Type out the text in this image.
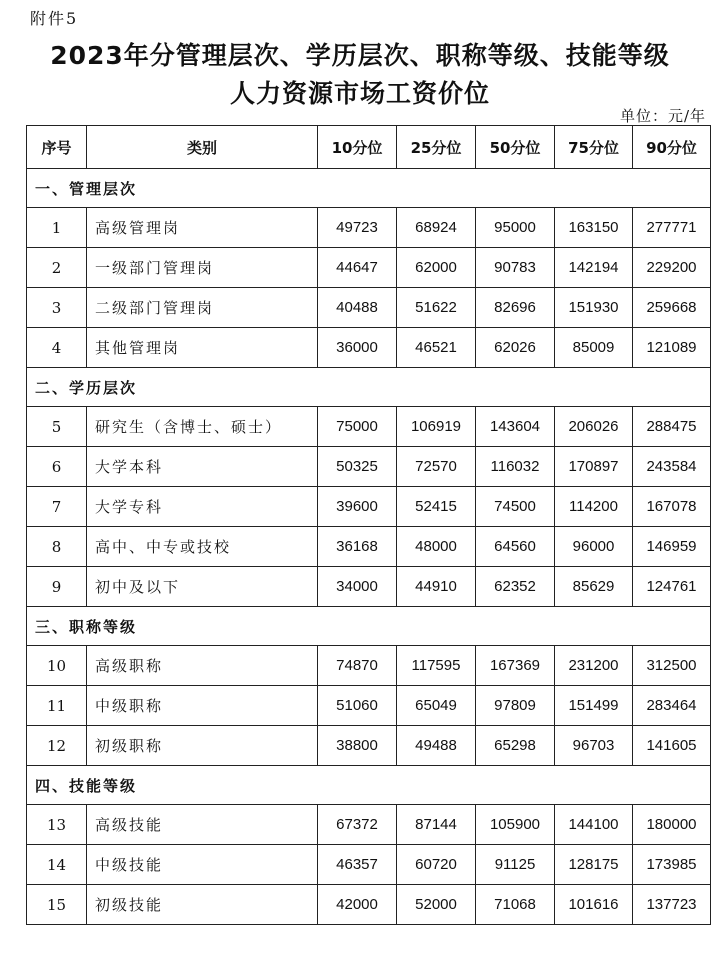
附件5
2023年分管理层次、学历层次、职称等级、技能等级
人力资源市场工资价位
单位：元/年
序号	类别	10分位	25分位	50分位	75分位	90分位
一、管理层次						
1	高级管理岗	49723	68924	95000	163150	277771
2	一级部门管理岗	44647	62000	90783	142194	229200
3	二级部门管理岗	40488	51622	82696	151930	259668
4	其他管理岗	36000	46521	62026	85009	121089
二、学历层次						
5	研究生（含博士、硕士）	75000	106919	143604	206026	288475
6	大学本科	50325	72570	116032	170897	243584
7	大学专科	39600	52415	74500	114200	167078
8	高中、中专或技校	36168	48000	64560	96000	146959
9	初中及以下	34000	44910	62352	85629	124761
三、职称等级						
10	高级职称	74870	117595	167369	231200	312500
11	中级职称	51060	65049	97809	151499	283464
12	初级职称	38800	49488	65298	96703	141605
四、技能等级						
13	高级技能	67372	87144	105900	144100	180000
14	中级技能	46357	60720	91125	128175	173985
15	初级技能	42000	52000	71068	101616	137723
